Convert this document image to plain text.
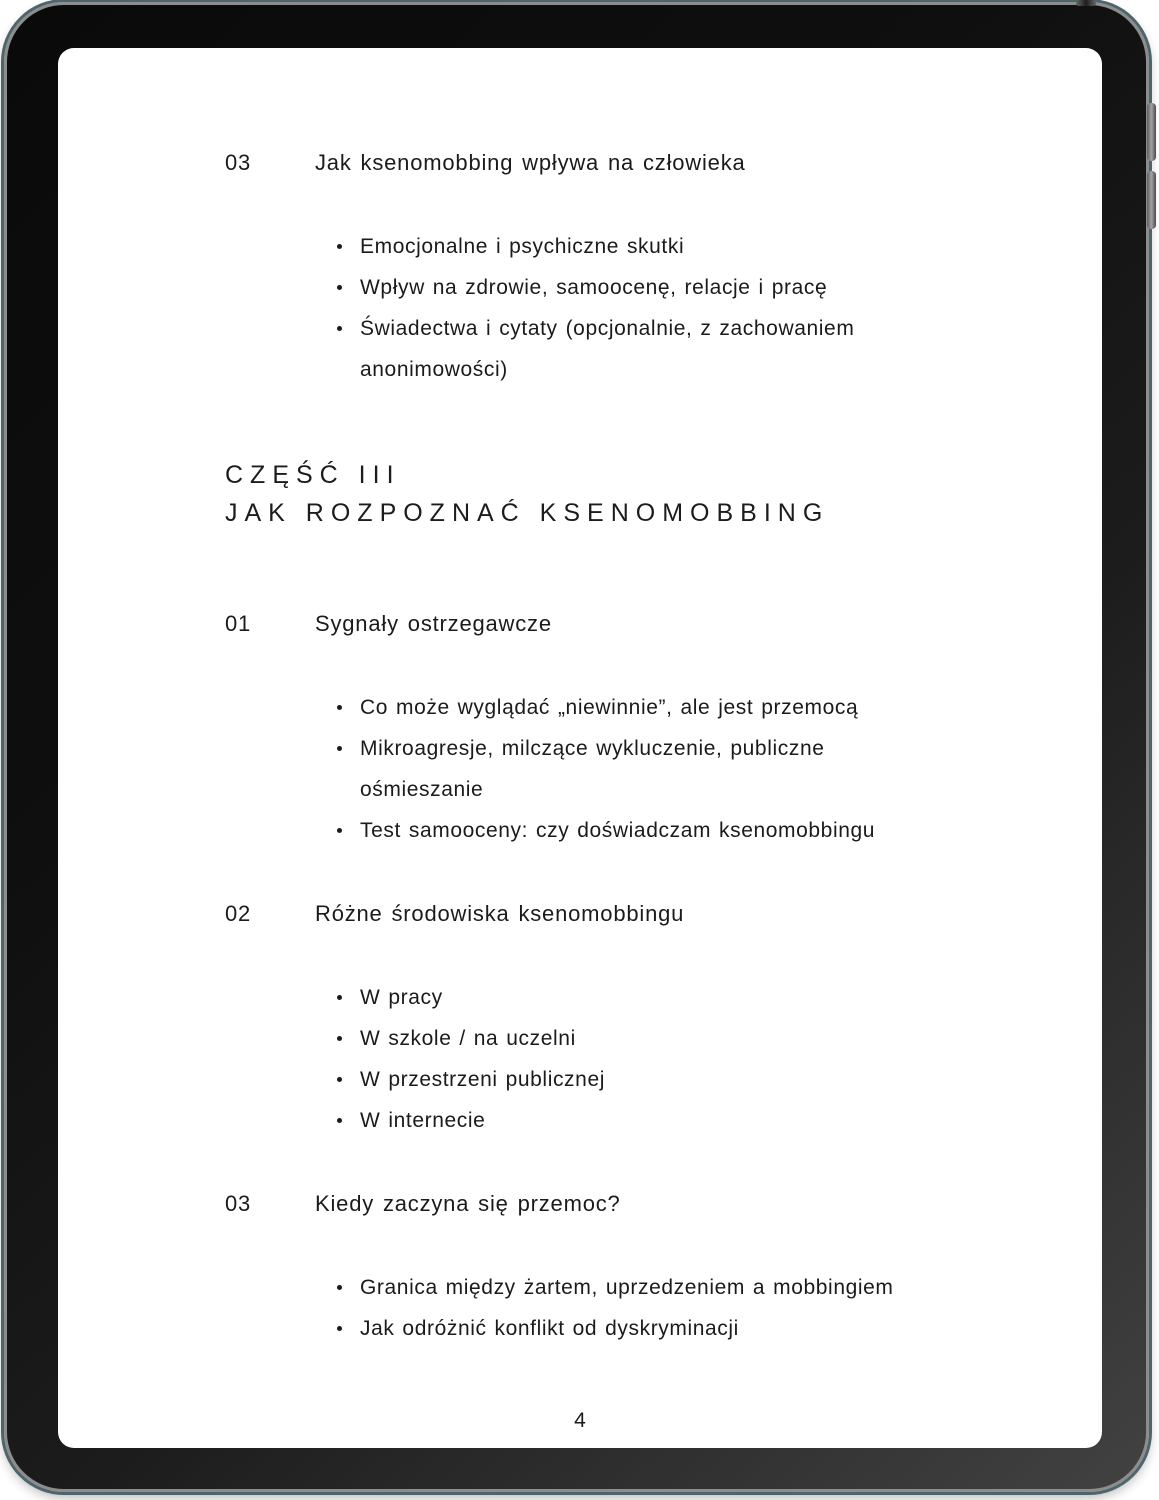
03	Jak ksenomobbing wpływa na człowieka
Emocjonalne i psychiczne skutki
Wpływ na zdrowie, samoocenę, relacje i pracę
Świadectwa i cytaty (opcjonalnie, z zachowaniem anonimowości)
CZĘŚĆ III
JAK ROZPOZNAĆ KSENOMOBBING
01	Sygnały ostrzegawcze
Co może wyglądać „niewinnie”, ale jest przemocą
Mikroagresje, milczące wykluczenie, publiczne ośmieszanie
Test samooceny: czy doświadczam ksenomobbingu
02	Różne środowiska ksenomobbingu
W pracy
W szkole / na uczelni
W przestrzeni publicznej
W internecie
03	Kiedy zaczyna się przemoc?
Granica między żartem, uprzedzeniem a mobbingiem
Jak odróżnić konflikt od dyskryminacji
4
